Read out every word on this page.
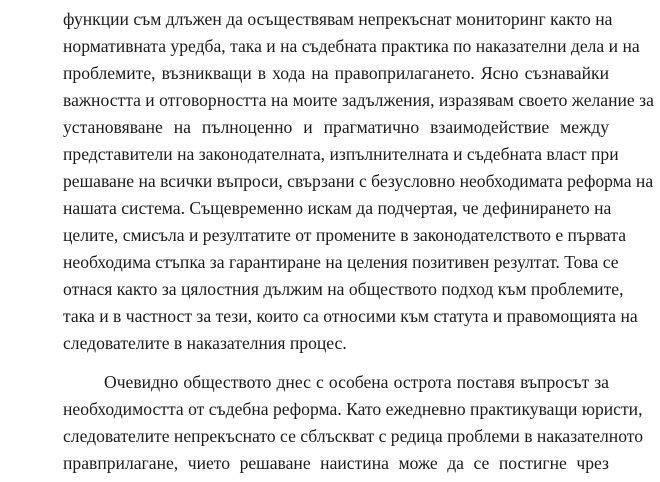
функции съм длъжен да осъществявам непрекъснат мониторинг както на
нормативната уредба, така и на съдебната практика по наказателни дела и на
проблемите, възникващи в хода на правоприлагането. Ясно съзнавайки
важността и отговорността на моите задължения, изразявам своето желание за
установяване на пълноценно и прагматично взаимодействие между
представители на законодателната, изпълнителната и съдебната власт при
решаване на всички въпроси, свързани с безусловно необходимата реформа на
нашата система. Същевременно искам да подчертая, че дефинирането на
целите, смисъла и резултатите от промените в законодателството е първата
необходима стъпка за гарантиране на целения позитивен резултат. Това се
отнася както за цялостния дължим на обществото подход към проблемите,
така и в частност за тези, които са относими към статута и правомощията на
следователите в наказателния процес.
Очевидно обществото днес с особена острота поставя въпросът за
необходимостта от съдебна реформа. Като ежедневно практикуващи юристи,
следователите непрекъснато се сблъскват с редица проблеми в наказателното
правприлагане, чието решаване наистина може да се постигне чрез
